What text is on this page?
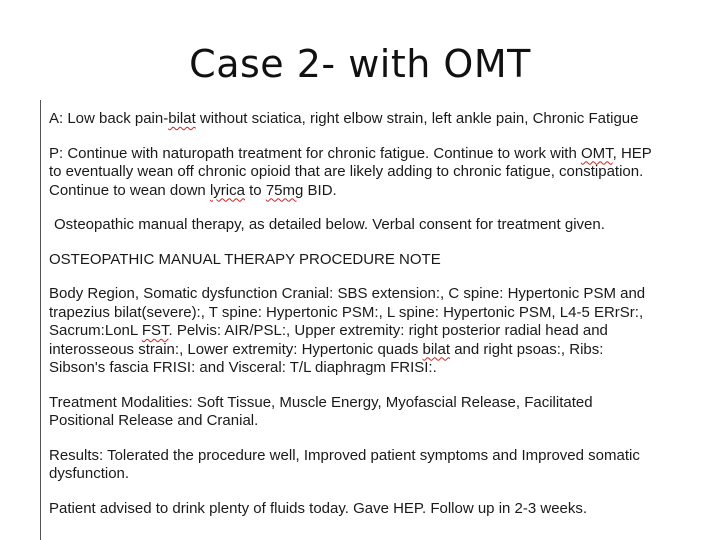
Case 2- with OMT

A: Low back pain-bilat without sciatica, right elbow strain, left ankle pain, Chronic Fatigue

P: Continue with naturopath treatment for chronic fatigue. Continue to work with OMT, HEP
to eventually wean off chronic opioid that are likely adding to chronic fatigue, constipation.
Continue to wean down lyrica to 75mg BID.

Osteopathic manual therapy, as detailed below. Verbal consent for treatment given.

OSTEOPATHIC MANUAL THERAPY PROCEDURE NOTE

Body Region, Somatic dysfunction Cranial: SBS extension:, C spine: Hypertonic PSM and
trapezius bilat(severe):, T spine: Hypertonic PSM:, L spine: Hypertonic PSM, L4-5 ERrSr:,
Sacrum:LonL FST. Pelvis: AIR/PSL:, Upper extremity: right posterior radial head and
interosseous strain:, Lower extremity: Hypertonic quads bilat and right psoas:, Ribs:
Sibson's fascia FRISI: and Visceral: T/L diaphragm FRISI:.

Treatment Modalities: Soft Tissue, Muscle Energy, Myofascial Release, Facilitated
Positional Release and Cranial.

Results: Tolerated the procedure well, Improved patient symptoms and Improved somatic
dysfunction.

Patient advised to drink plenty of fluids today. Gave HEP. Follow up in 2-3 weeks.
